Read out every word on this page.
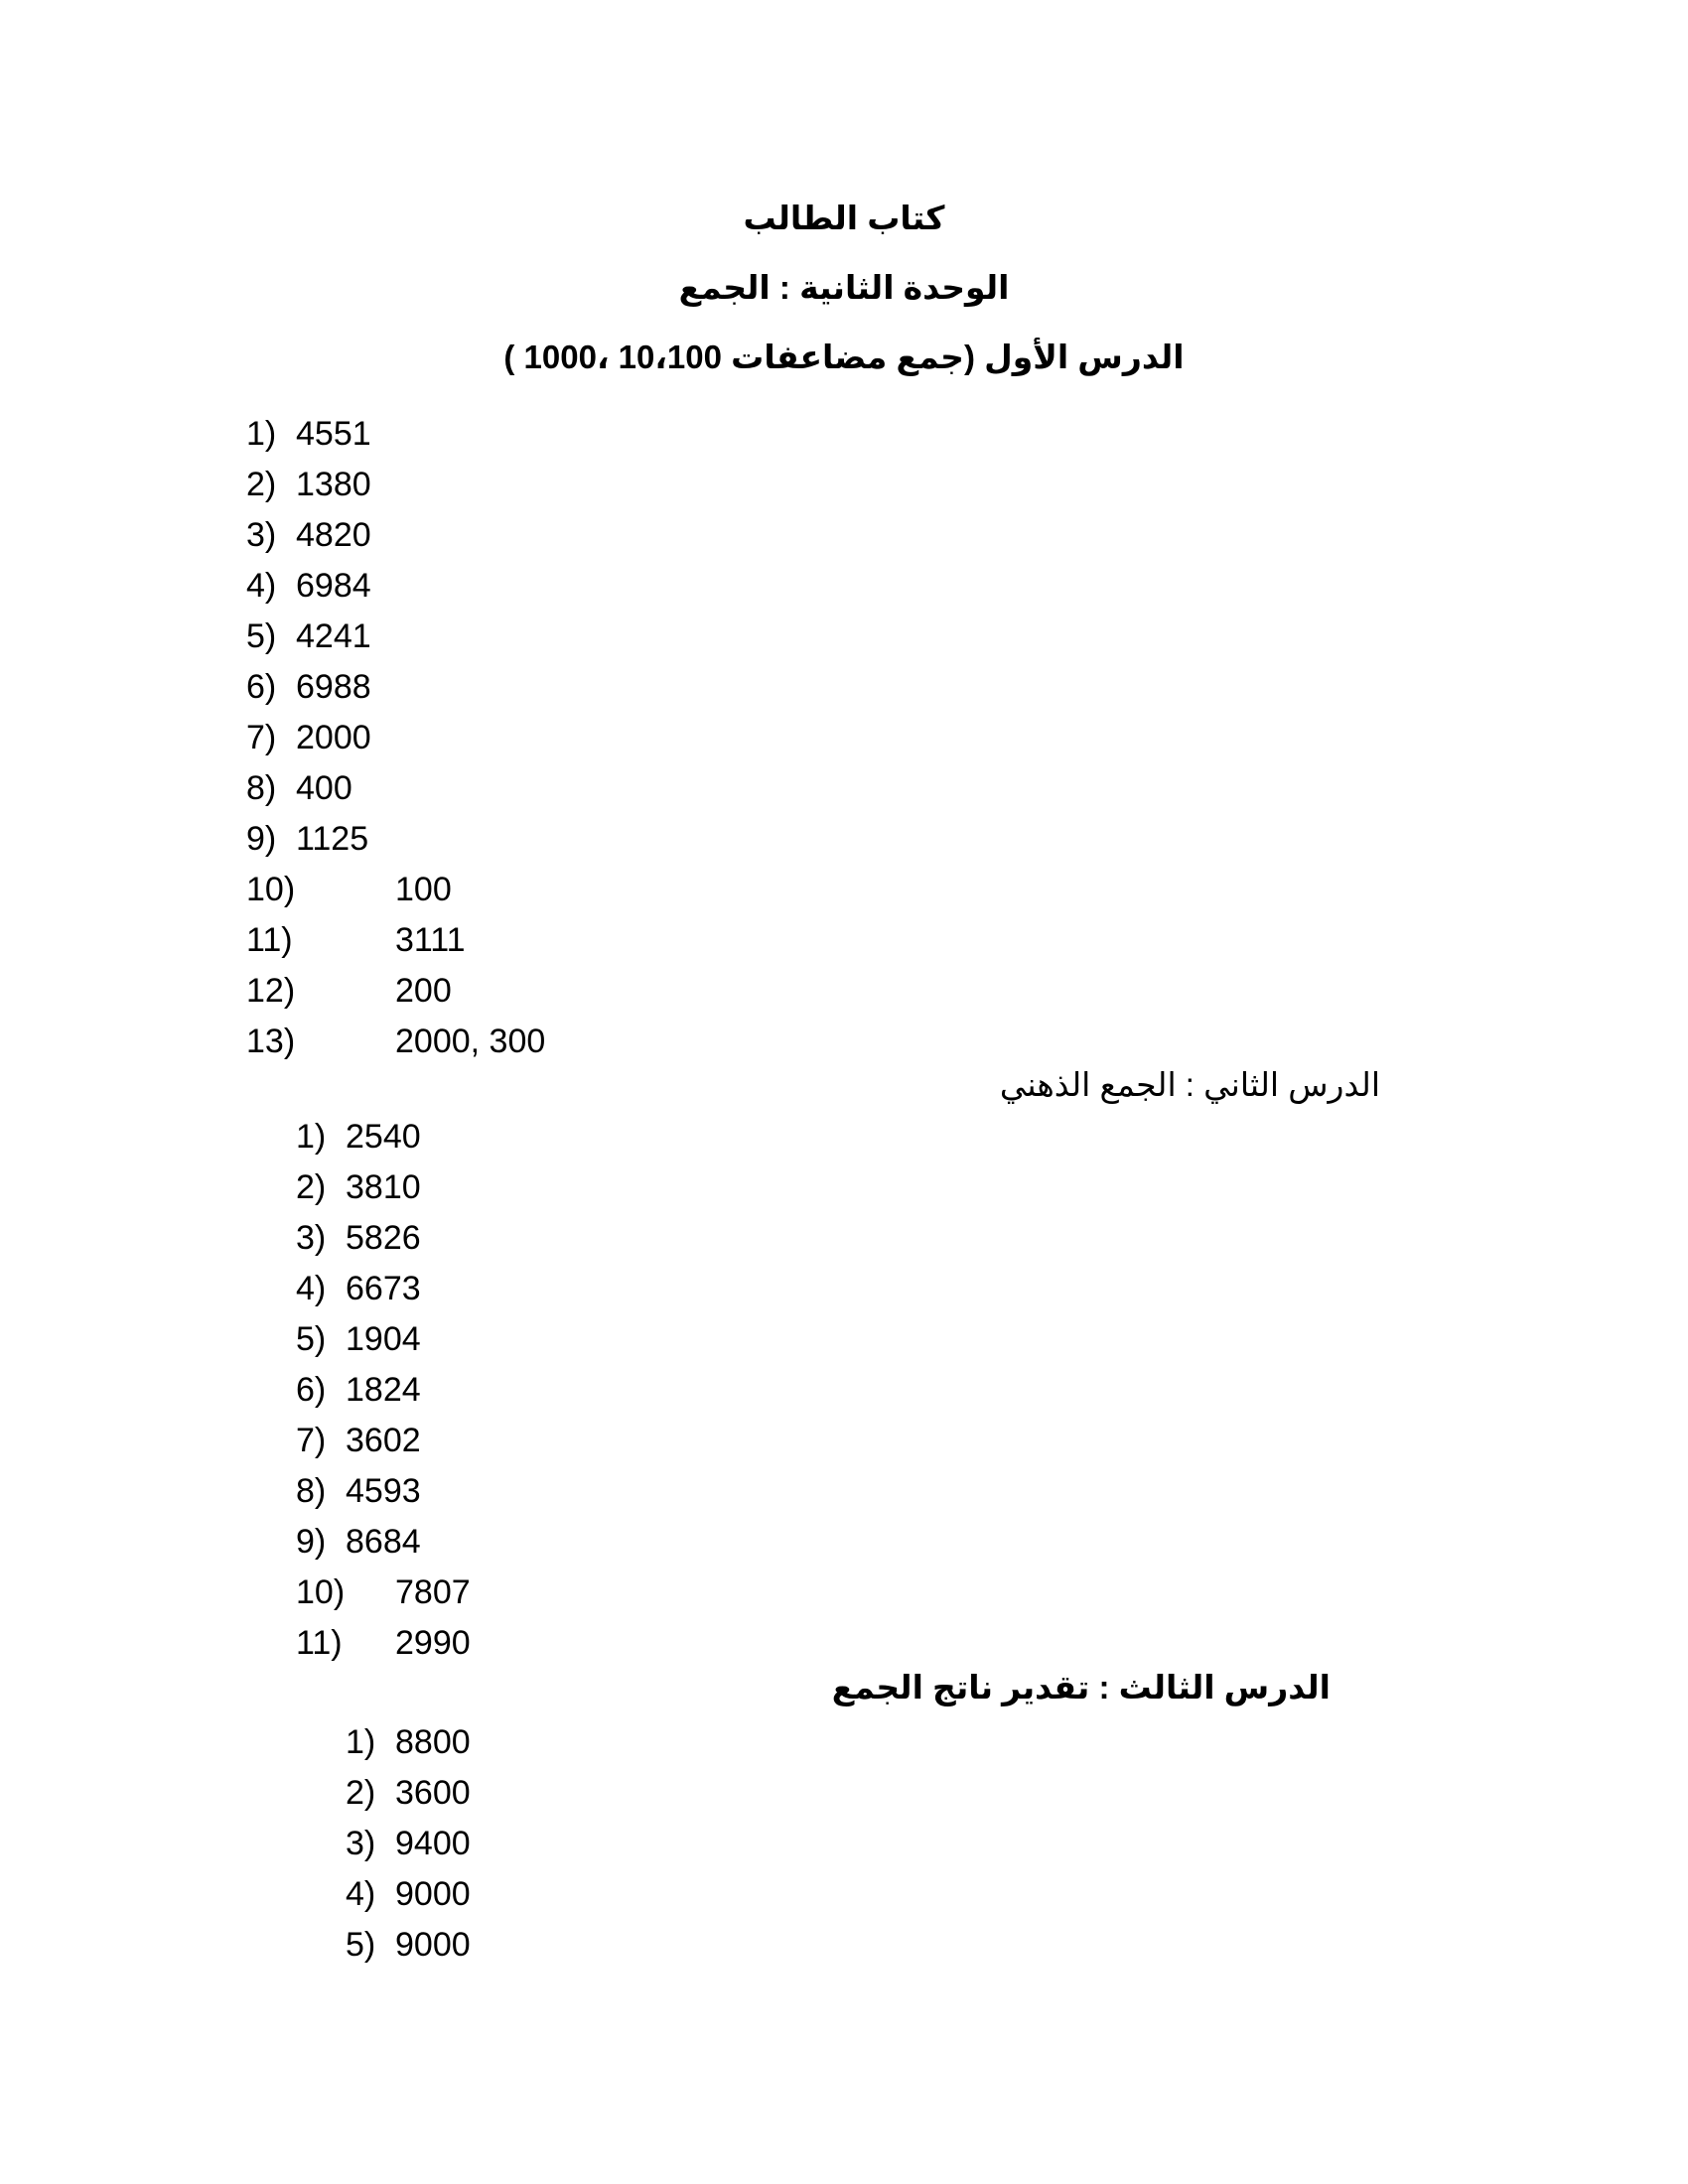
كتاب الطالب
الوحدة الثانية : الجمع
الدرس الأول (جمع مضاعفات 10،100 ،1000 )
1) 4551
2) 1380
3) 4820
4) 6984
5) 4241
6) 6988
7) 2000
8) 400
9) 1125
10)	100
11)	3111
12)	200
13)	2000, 300
الدرس الثاني : الجمع الذهني
1) 2540
2) 3810
3) 5826
4) 6673
5) 1904
6) 1824
7) 3602
8) 4593
9) 8684
10) 7807
11) 2990
الدرس الثالث : تقدير ناتج الجمع
1) 8800
2) 3600
3) 9400
4) 9000
5) 9000
